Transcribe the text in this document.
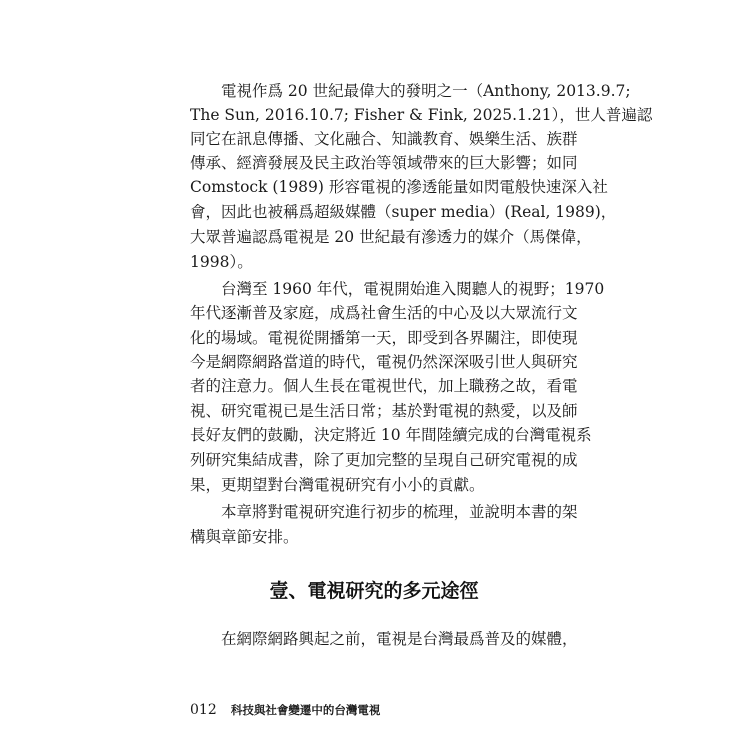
電視作爲 20 世紀最偉大的發明之一（Anthony, 2013.9.7;
The Sun, 2016.10.7; Fisher & Fink, 2025.1.21），世人普遍認
同它在訊息傳播、文化融合、知識教育、娛樂生活、族群
傳承、經濟發展及民主政治等領域帶來的巨大影響；如同
Comstock (1989) 形容電視的滲透能量如閃電般快速深入社
會，因此也被稱爲超級媒體（super media）(Real, 1989)，
大眾普遍認爲電視是 20 世紀最有滲透力的媒介（馬傑偉，
1998）。
台灣至 1960 年代，電視開始進入閱聽人的視野；1970
年代逐漸普及家庭，成爲社會生活的中心及以大眾流行文
化的場域。電視從開播第一天，即受到各界關注，即使現
今是網際網路當道的時代，電視仍然深深吸引世人與研究
者的注意力。個人生長在電視世代，加上職務之故，看電
視、研究電視已是生活日常；基於對電視的熱愛，以及師
長好友們的鼓勵，決定將近 10 年間陸續完成的台灣電視系
列研究集結成書，除了更加完整的呈現自己研究電視的成
果，更期望對台灣電視研究有小小的貢獻。
本章將對電視研究進行初步的梳理，並說明本書的架
構與章節安排。
壹、電視研究的多元途徑
在網際網路興起之前，電視是台灣最爲普及的媒體，
012 科技與社會變遷中的台灣電視
